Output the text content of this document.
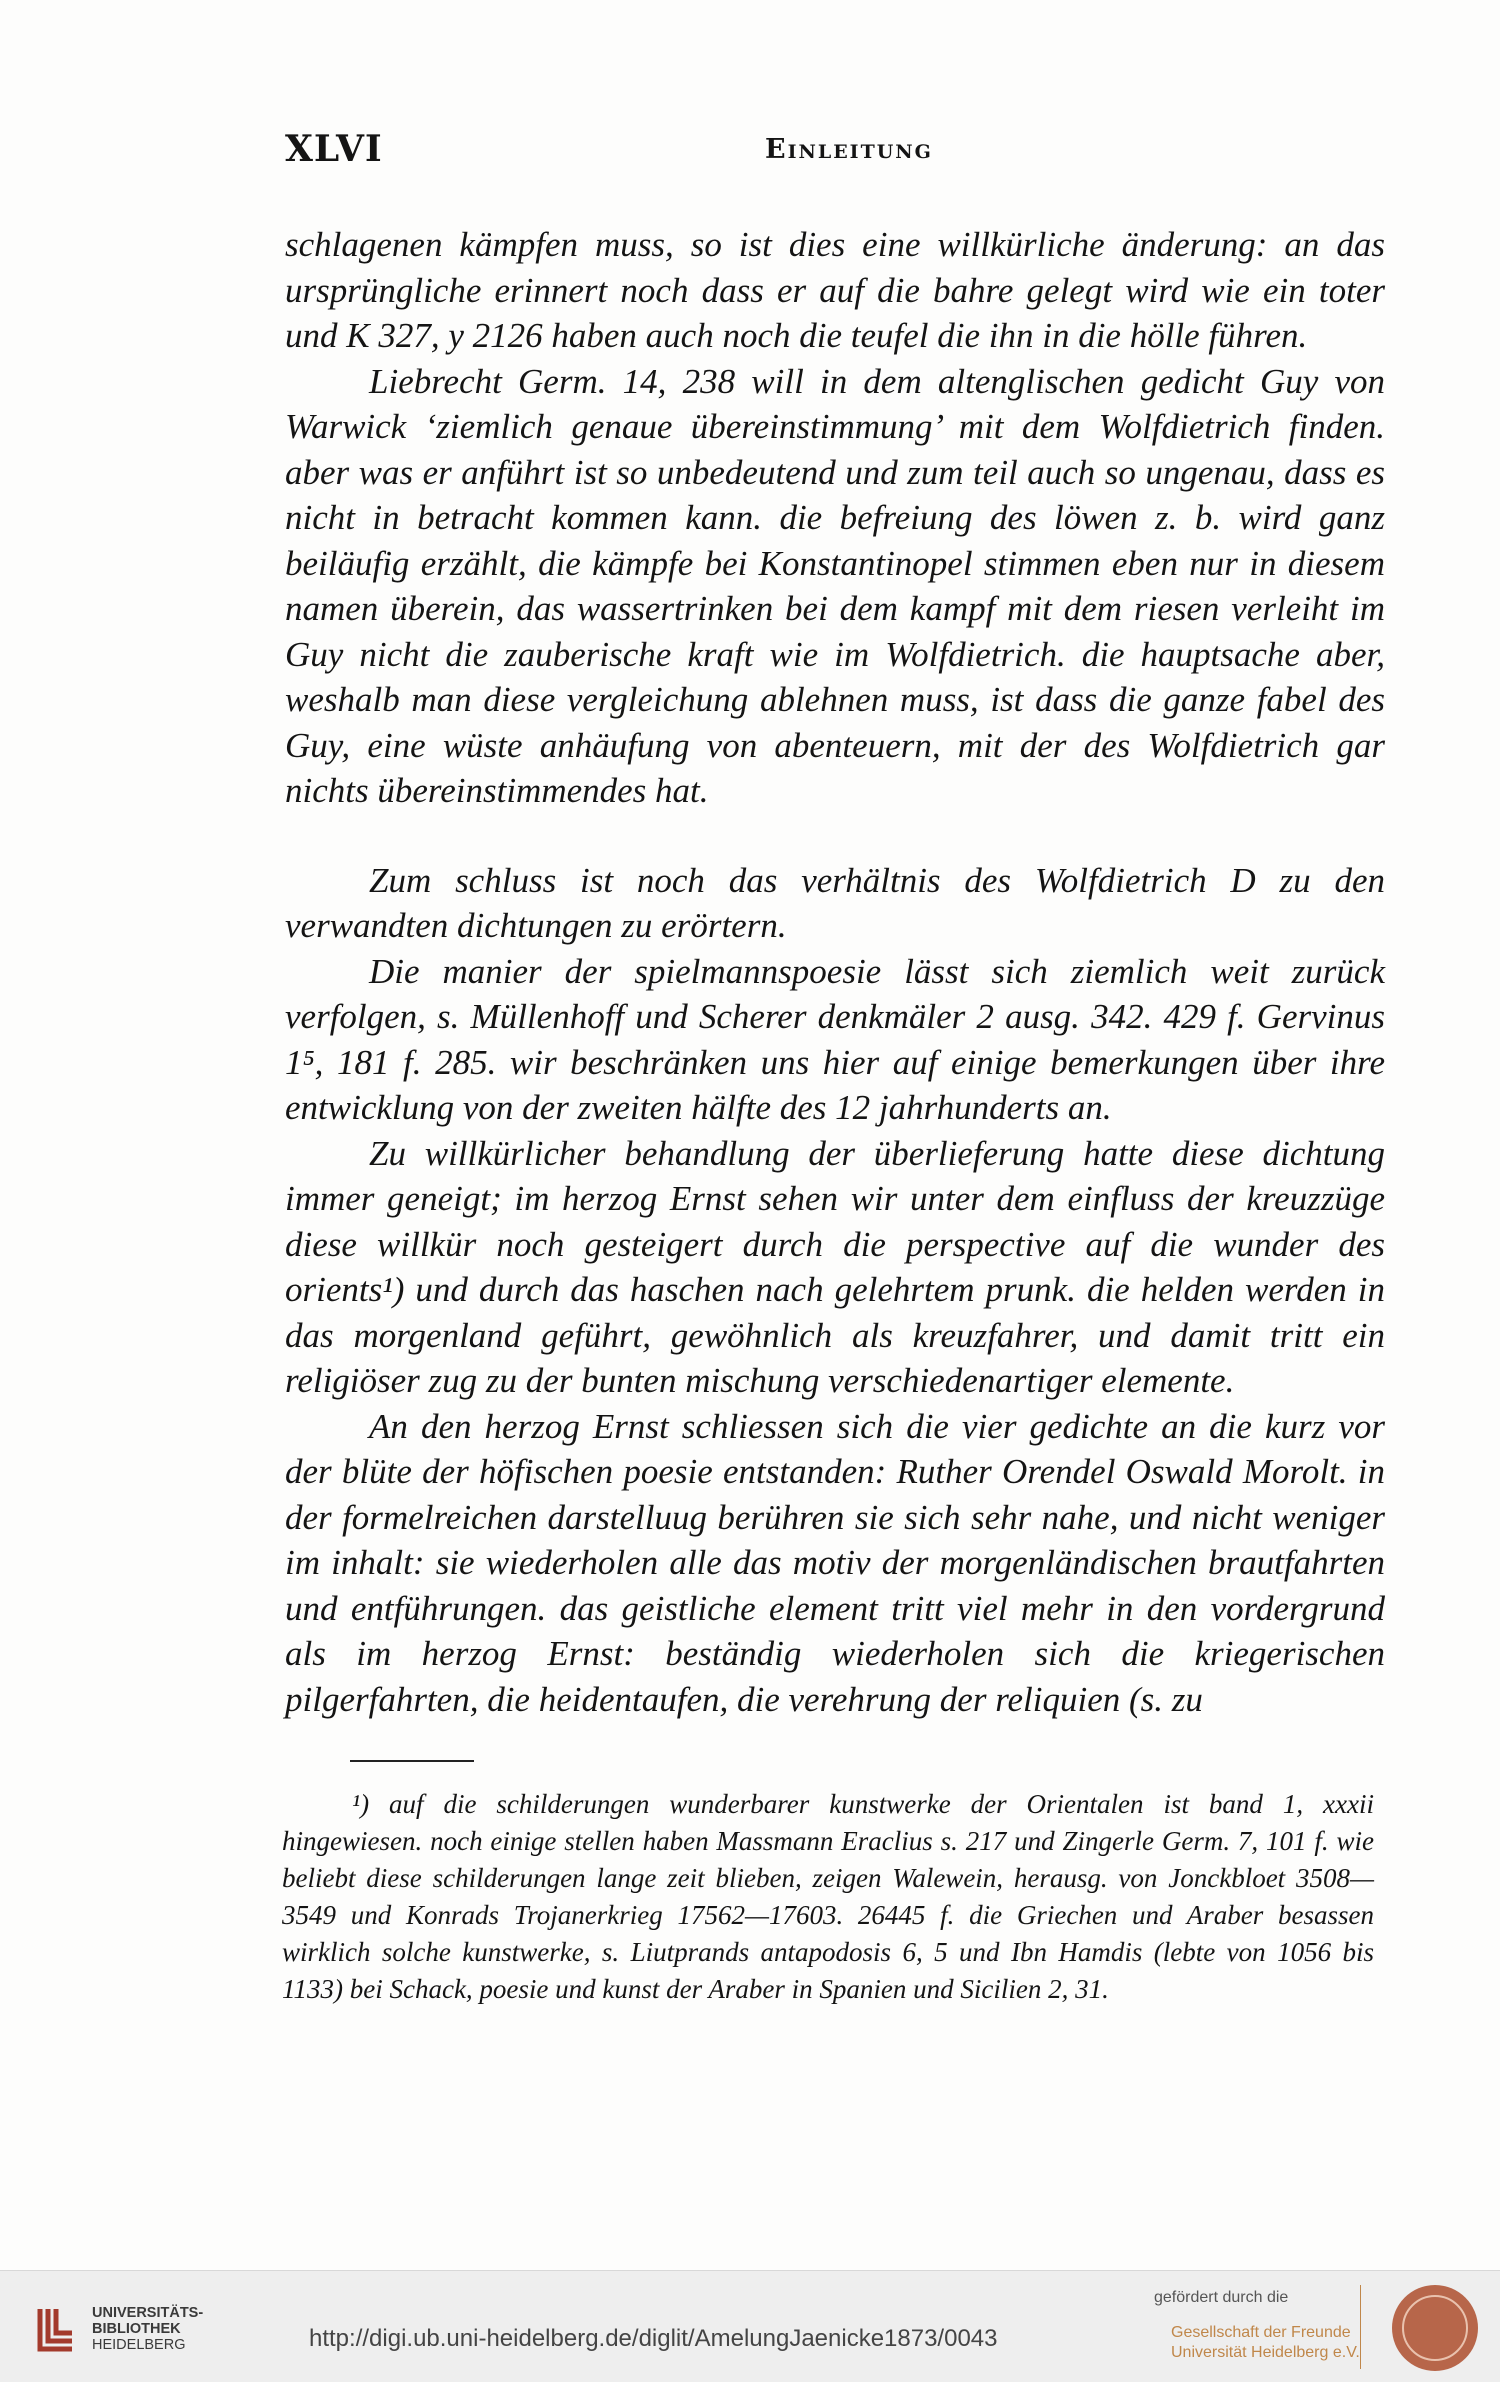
XLVI	Einleitung

schlagenen kämpfen muss, so ist dies eine willkürliche änderung: an das ursprüngliche erinnert noch dass er auf die bahre gelegt wird wie ein toter und K 327, y 2126 haben auch noch die teufel die ihn in die hölle führen.

Liebrecht Germ. 14, 238 will in dem altenglischen gedicht Guy von Warwick ‘ziemlich genaue übereinstimmung’ mit dem Wolfdietrich finden. aber was er anführt ist so unbedeutend und zum teil auch so ungenau, dass es nicht in betracht kommen kann. die befreiung des löwen z. b. wird ganz beiläufig erzählt, die kämpfe bei Konstantinopel stimmen eben nur in diesem namen überein, das wassertrinken bei dem kampf mit dem riesen verleiht im Guy nicht die zauberische kraft wie im Wolfdietrich. die hauptsache aber, weshalb man diese vergleichung ablehnen muss, ist dass die ganze fabel des Guy, eine wüste anhäufung von abenteuern, mit der des Wolfdietrich gar nichts übereinstimmendes hat.

Zum schluss ist noch das verhältnis des Wolfdietrich D zu den verwandten dichtungen zu erörtern.

Die manier der spielmannspoesie lässt sich ziemlich weit zurück verfolgen, s. Müllenhoff und Scherer denkmäler 2 ausg. 342. 429 f. Gervinus 1⁵, 181 f. 285. wir beschränken uns hier auf einige bemerkungen über ihre entwicklung von der zweiten hälfte des 12 jahrhunderts an.

Zu willkürlicher behandlung der überlieferung hatte diese dichtung immer geneigt; im herzog Ernst sehen wir unter dem einfluss der kreuzzüge diese willkür noch gesteigert durch die perspective auf die wunder des orients¹) und durch das haschen nach gelehrtem prunk. die helden werden in das morgenland geführt, gewöhnlich als kreuzfahrer, und damit tritt ein religiöser zug zu der bunten mischung verschiedenartiger elemente.

An den herzog Ernst schliessen sich die vier gedichte an die kurz vor der blüte der höfischen poesie entstanden: Ruther Orendel Oswald Morolt. in der formelreichen darstelluug berühren sie sich sehr nahe, und nicht weniger im inhalt: sie wiederholen alle das motiv der morgenländischen brautfahrten und entführungen. das geistliche element tritt viel mehr in den vordergrund als im herzog Ernst: beständig wiederholen sich die kriegerischen pilgerfahrten, die heidentaufen, die verehrung der reliquien (s. zu

¹) auf die schilderungen wunderbarer kunstwerke der Orientalen ist band 1, xxxii hingewiesen. noch einige stellen haben Massmann Eraclius s. 217 und Zingerle Germ. 7, 101 f. wie beliebt diese schilderungen lange zeit blieben, zeigen Walewein, herausg. von Jonckbloet 3508—3549 und Konrads Trojanerkrieg 17562—17603. 26445 f. die Griechen und Araber besassen wirklich solche kunstwerke, s. Liutprands antapodosis 6, 5 und Ibn Hamdis (lebte von 1056 bis 1133) bei Schack, poesie und kunst der Araber in Spanien und Sicilien 2, 31.

UNIVERSITÄTS-
BIBLIOTHEK
HEIDELBERG	http://digi.ub.uni-heidelberg.de/diglit/AmelungJaenicke1873/0043
gefördert durch die
Gesellschaft der Freunde
Universität Heidelberg e.V.
